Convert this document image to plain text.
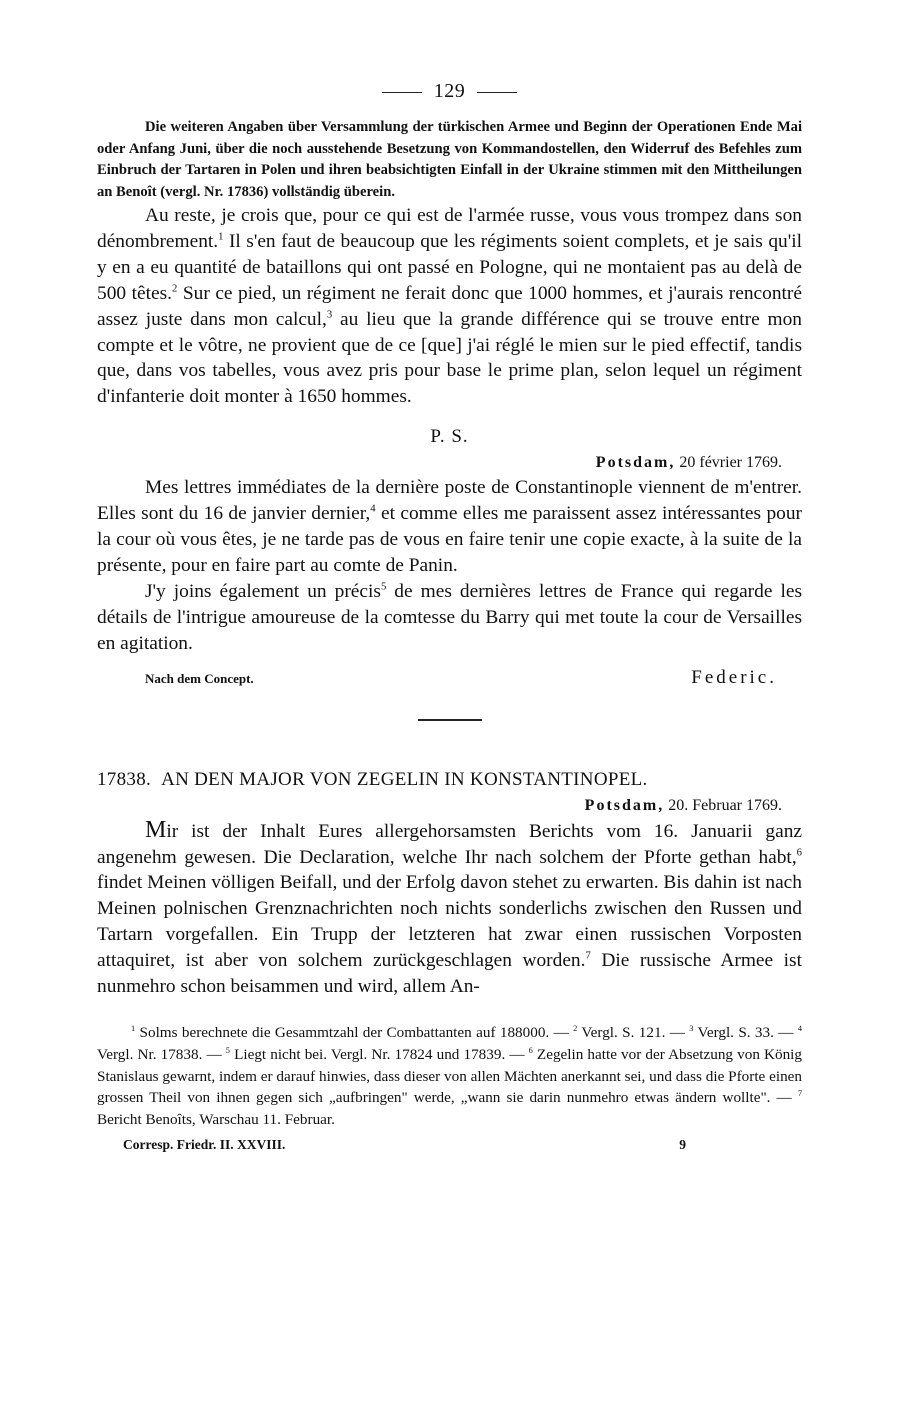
129

Die weiteren Angaben über Versammlung der türkischen Armee und Beginn der Operationen Ende Mai oder Anfang Juni, über die noch ausstehende Besetzung von Kommandostellen, den Widerruf des Befehles zum Einbruch der Tartaren in Polen und ihren beabsichtigten Einfall in der Ukraine stimmen mit den Mittheilungen an Benoît (vergl. Nr. 17836) vollständig überein.

Au reste, je crois que, pour ce qui est de l'armée russe, vous vous trompez dans son dénombrement.$^1$ Il s'en faut de beaucoup que les régiments soient complets, et je sais qu'il y en a eu quantité de bataillons qui ont passé en Pologne, qui ne montaient pas au delà de 500 têtes.$^2$ Sur ce pied, un régiment ne ferait donc que 1000 hommes, et j'aurais rencontré assez juste dans mon calcul,$^3$ au lieu que la grande différence qui se trouve entre mon compte et le vôtre, ne provient que de ce [que] j'ai réglé le mien sur le pied effectif, tandis que, dans vos tabelles, vous avez pris pour base le prime plan, selon lequel un régiment d'infanterie doit monter à 1650 hommes.

P. S.
Potsdam, 20 février 1769.

Mes lettres immédiates de la dernière poste de Constantinople viennent de m'entrer. Elles sont du 16 de janvier dernier,$^4$ et comme elles me paraissent assez intéressantes pour la cour où vous êtes, je ne tarde pas de vous en faire tenir une copie exacte, à la suite de la présente, pour en faire part au comte de Panin.

J'y joins également un précis$^5$ de mes dernières lettres de France qui regarde les détails de l'intrigue amoureuse de la comtesse du Barry qui met toute la cour de Versailles en agitation.

Nach dem Concept.	Federic.

17838. AN DEN MAJOR VON ZEGELIN IN KONSTANTINOPEL.

Potsdam, 20. Februar 1769.

Mir ist der Inhalt Eures allergehorsamsten Berichts vom 16. Januarii ganz angenehm gewesen. Die Declaration, welche Ihr nach solchem der Pforte gethan habt,$^6$ findet Meinen völligen Beifall, und der Erfolg davon stehet zu erwarten. Bis dahin ist nach Meinen polnischen Grenznachrichten noch nichts sonderlichs zwischen den Russen und Tartarn vorgefallen. Ein Trupp der letzteren hat zwar einen russischen Vorposten attaquiret, ist aber von solchem zurückgeschlagen worden.$^7$ Die russische Armee ist nunmehro schon beisammen und wird, allem An-

$^1$ Solms berechnete die Gesammtzahl der Combattanten auf 188000. — $^2$ Vergl. S. 121. — $^3$ Vergl. S. 33. — $^4$ Vergl. Nr. 17838. — $^5$ Liegt nicht bei. Vergl. Nr. 17824 und 17839. — $^6$ Zegelin hatte vor der Absetzung von König Stanislaus gewarnt, indem er darauf hinwies, dass dieser von allen Mächten anerkannt sei, und dass die Pforte einen grossen Theil von ihnen gegen sich „aufbringen" werde, „wann sie darin nunmehro etwas ändern wollte". — $^7$ Bericht Benoîts, Warschau 11. Februar.

Corresp. Friedr. II. XXVIII.	9
